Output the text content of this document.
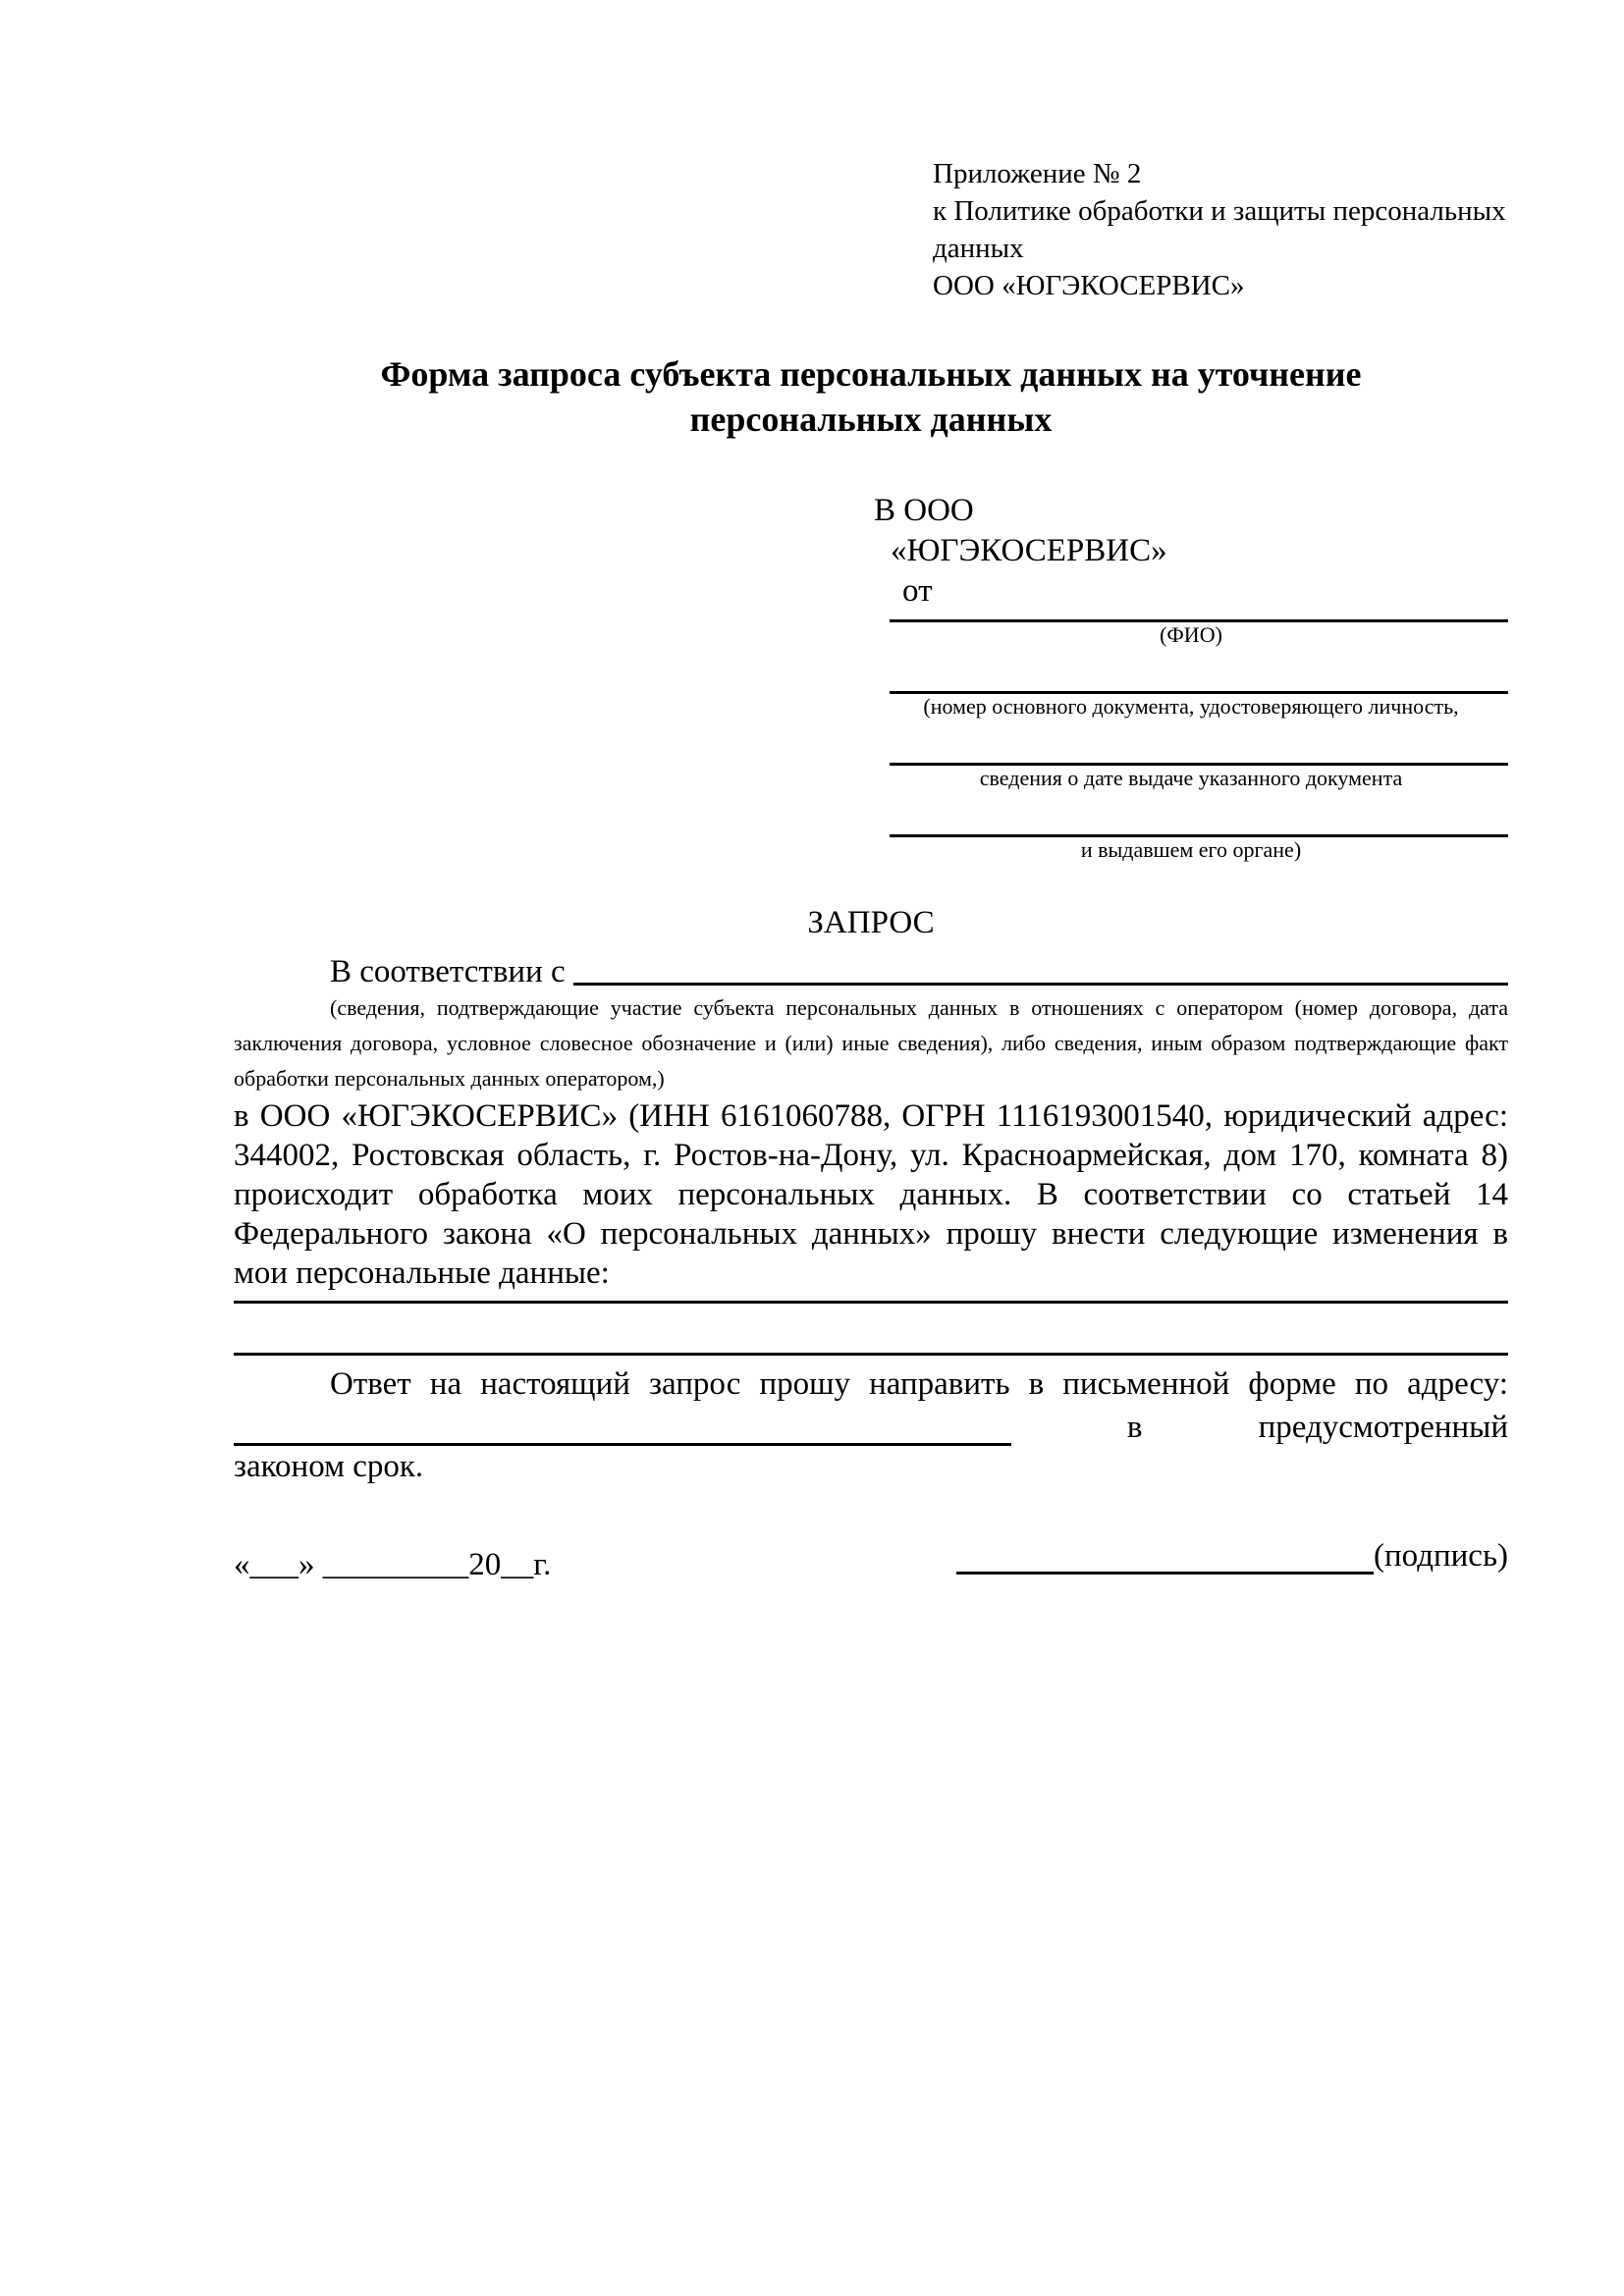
Приложение № 2
к Политике обработки и защиты персональных
данных
ООО «ЮГЭКОСЕРВИС»
Форма запроса субъекта персональных данных на уточнение персональных данных
В ООО
«ЮГЭКОСЕРВИС»
от
(ФИО)
(номер основного документа, удостоверяющего личность,
сведения о дате выдаче указанного документа
и выдавшем его органе)
ЗАПРОС
В соответствии с
(сведения, подтверждающие участие субъекта персональных данных в отношениях с оператором (номер договора, дата заключения договора, условное словесное обозначение и (или) иные сведения), либо сведения, иным образом подтверждающие факт обработки персональных данных оператором,)
в ООО «ЮГЭКОСЕРВИС» (ИНН 6161060788, ОГРН 1116193001540, юридический адрес: 344002, Ростовская область, г. Ростов-на-Дону, ул. Красноармейская, дом 170, комната 8) происходит обработка моих персональных данных. В соответствии со статьей 14 Федерального закона «О персональных данных» прошу внести следующие изменения в мои персональные данные:
Ответ на настоящий запрос прошу направить в письменной форме по адресу:
в	предусмотренный
законом срок.
«___» _________20__г.	(подпись)
